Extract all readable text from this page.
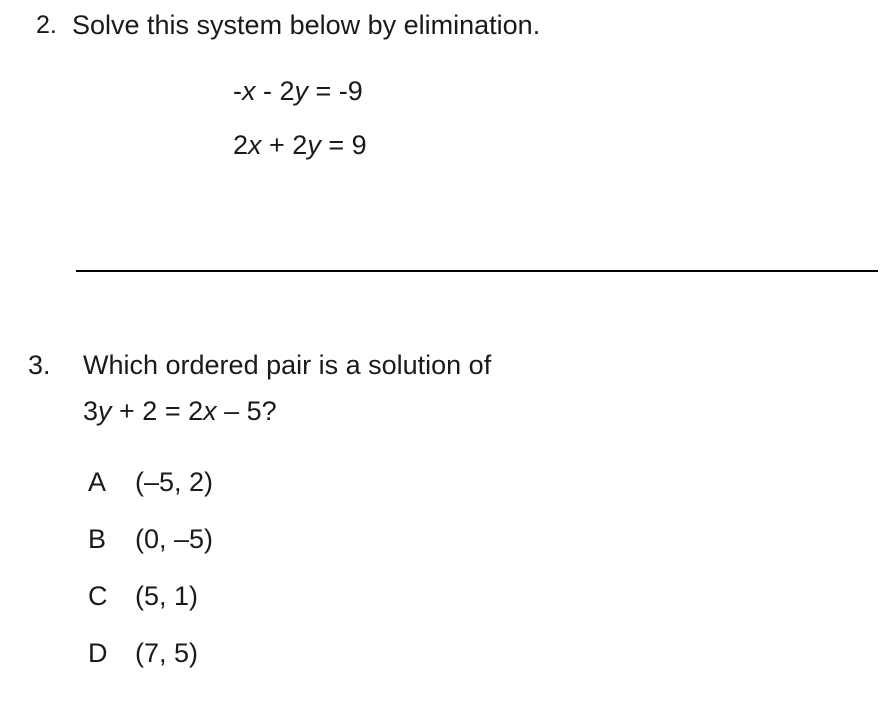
2. Solve this system below by elimination.
-x - 2y = -9
2x + 2y = 9
3.	Which ordered pair is a solution of
3y + 2 = 2x – 5?
A	(–5, 2)
B	(0, –5)
C	(5, 1)
D	(7, 5)
